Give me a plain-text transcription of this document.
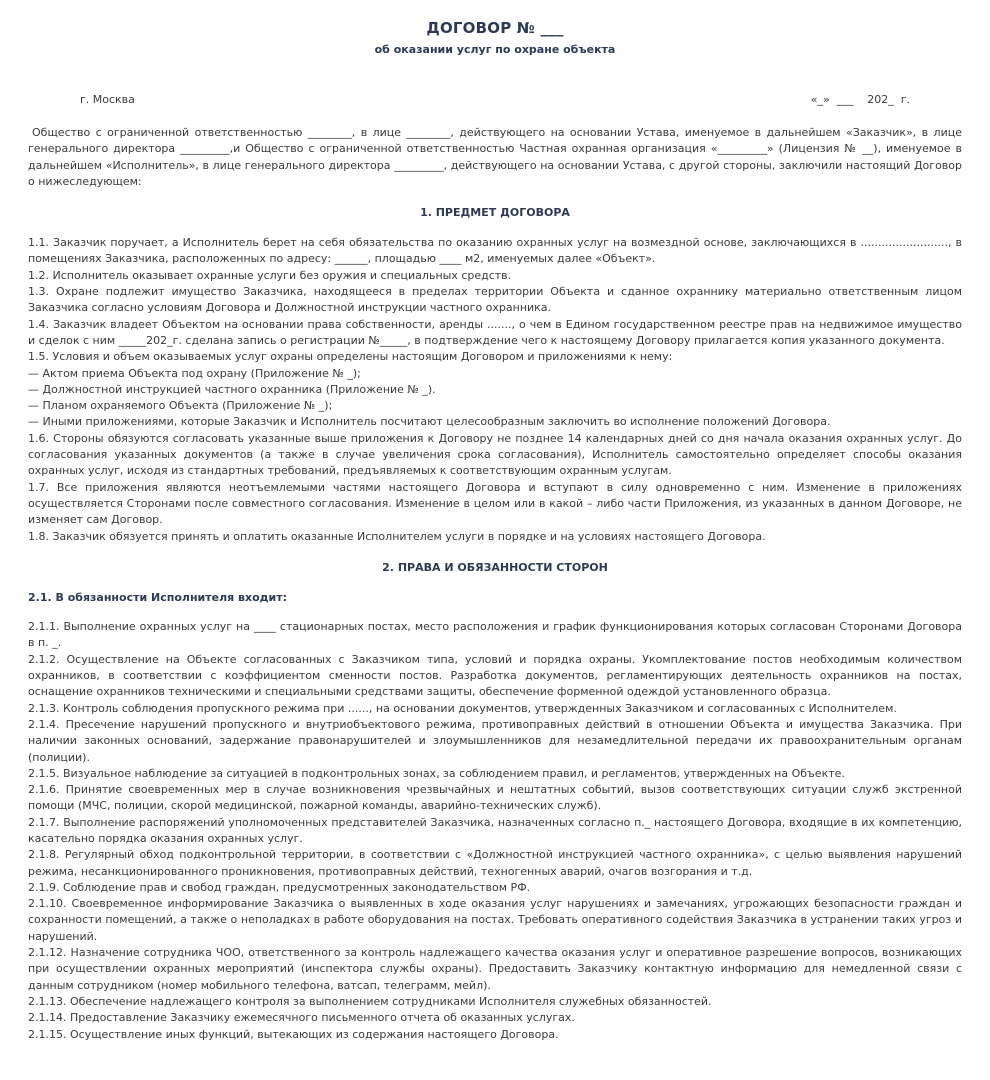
ДОГОВОР № ___
об оказании услуг по охране объекта
г. Москва	«_»  ___    202_  г.

Общество с ограниченной ответственностью ________, в лице ________, действующего на основании Устава, именуемое в дальнейшем «Заказчик», в лице генерального директора _________,и Общество с ограниченной ответственностью Частная охранная организация «_________» (Лицензия № __), именуемое в дальнейшем «Исполнитель», в лице генерального директора _________, действующего на основании Устава, с другой стороны, заключили настоящий Договор о нижеследующем:

1. ПРЕДМЕТ ДОГОВОРА

1.1. Заказчик поручает, а Исполнитель берет на себя обязательства по оказанию охранных услуг на возмездной основе, заключающихся в ........................., в помещениях Заказчика, расположенных по адресу: ______, площадью ____ м2, именуемых далее «Объект».

1.2. Исполнитель оказывает охранные услуги без оружия и специальных средств.

1.3. Охране подлежит имущество Заказчика, находящееся в пределах территории Объекта и сданное охраннику материально ответственным лицом Заказчика согласно условиям Договора и Должностной инструкции частного охранника.

1.4. Заказчик владеет Объектом на основании права собственности, аренды ......., о чем в Едином государственном реестре прав на недвижимое имущество и сделок с ним _____202_г. сделана запись о регистрации №_____, в подтверждение чего к настоящему Договору прилагается копия указанного документа.

1.5. Условия и объем оказываемых услуг охраны определены настоящим Договором и приложениями к нему:

— Актом приема Объекта под охрану (Приложение № _);

— Должностной инструкцией частного охранника (Приложение № _).

— Планом охраняемого Объекта (Приложение № _);

— Иными приложениями, которые Заказчик и Исполнитель посчитают целесообразным заключить во исполнение положений Договора.

1.6. Стороны обязуются согласовать указанные выше приложения к Договору не позднее 14 календарных дней со дня начала оказания охранных услуг. До согласования указанных документов (а также в случае увеличения срока согласования), Исполнитель самостоятельно определяет способы оказания охранных услуг, исходя из стандартных требований, предъявляемых к соответствующим охранным услугам.

1.7. Все приложения являются неотъемлемыми частями настоящего Договора и вступают в силу одновременно с ним. Изменение в приложениях осуществляется Сторонами после совместного согласования. Изменение в целом или в какой – либо части Приложения, из указанных в данном Договоре, не изменяет сам Договор.

1.8. Заказчик обязуется принять и оплатить оказанные Исполнителем услуги в порядке и на условиях настоящего Договора.

2. ПРАВА И ОБЯЗАННОСТИ СТОРОН
2.1. В обязанности Исполнителя входит:

2.1.1. Выполнение охранных услуг на ____ стационарных постах, место расположения и график функционирования которых согласован Сторонами Договора в п. _.

2.1.2. Осуществление на Объекте согласованных с Заказчиком типа, условий и порядка охраны. Укомплектование постов необходимым количеством охранников, в соответствии с коэффициентом сменности постов. Разработка документов, регламентирующих деятельность охранников на постах, оснащение охранников техническими и специальными средствами защиты, обеспечение форменной одеждой установленного образца.

2.1.3. Контроль соблюдения пропускного режима при ......, на основании документов, утвержденных Заказчиком и согласованных с Исполнителем.

2.1.4. Пресечение нарушений пропускного и внутриобъектового режима, противоправных действий в отношении Объекта и имущества Заказчика. При наличии законных оснований, задержание правонарушителей и злоумышленников для незамедлительной передачи их правоохранительным органам (полиции).

2.1.5. Визуальное наблюдение за ситуацией в подконтрольных зонах, за соблюдением правил, и регламентов, утвержденных на Объекте.

2.1.6. Принятие своевременных мер в случае возникновения чрезвычайных и нештатных событий, вызов соответствующих ситуации служб экстренной помощи (МЧС, полиции, скорой медицинской, пожарной команды, аварийно-технических служб).

2.1.7. Выполнение распоряжений уполномоченных представителей Заказчика, назначенных согласно п._ настоящего Договора, входящие в их компетенцию, касательно порядка оказания охранных услуг.

2.1.8. Регулярный обход подконтрольной территории, в соответствии с «Должностной инструкцией частного охранника», с целью выявления нарушений режима, несанкционированного проникновения, противоправных действий, техногенных аварий, очагов возгорания и т.д.

2.1.9. Соблюдение прав и свобод граждан, предусмотренных законодательством РФ.

2.1.10. Своевременное информирование Заказчика о выявленных в ходе оказания услуг нарушениях и замечаниях, угрожающих безопасности граждан и сохранности помещений, а также о неполадках в работе оборудования на постах. Требовать оперативного содействия Заказчика в устранении таких угроз и нарушений.

2.1.12. Назначение сотрудника ЧОО, ответственного за контроль надлежащего качества оказания услуг и оперативное разрешение вопросов, возникающих при осуществлении охранных мероприятий (инспектора службы охраны). Предоставить Заказчику контактную информацию для немедленной связи с данным сотрудником (номер мобильного телефона, ватсап, телеграмм, мейл).

2.1.13. Обеспечение надлежащего контроля за выполнением сотрудниками Исполнителя служебных обязанностей.

2.1.14. Предоставление Заказчику ежемесячного письменного отчета об оказанных услугах.

2.1.15. Осуществление иных функций, вытекающих из содержания настоящего Договора.
